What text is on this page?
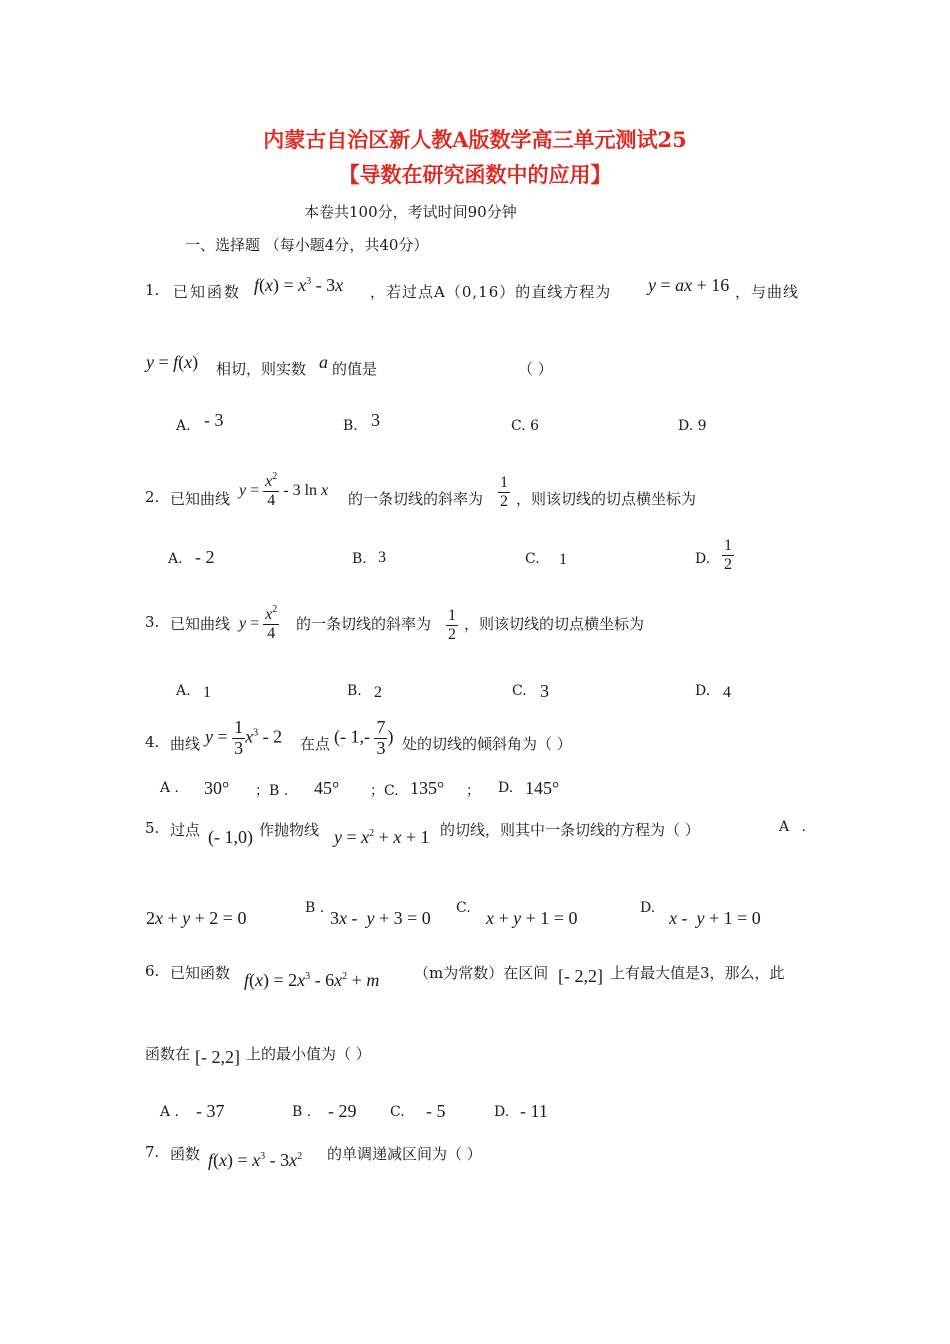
内蒙古自治区新人教A版数学高三单元测试25
【导数在研究函数中的应用】
本卷共100分，考试时间90分钟
一、选择题 （每小题4分，共40分）
1. 已知函数 $f(x) = x^3 - 3x$ ，若过点A（0,16）的直线方程为 y = ax + 16 ，与曲线
y = f(x) 相切，则实数 a 的值是	（ ）
A. - 3	B. 3	C. 6	D. 9
2. 已知曲线 $y = \frac{x^2}{4} - 3$ ln x 的一条切线的斜率为 $\frac{1}{2}$ ，则该切线的切点横坐标为
A. - 2	B. 3	C. 1	D. $\frac{1}{2}$
3. 已知曲线 $y = \frac{x^2}{4}$ 的一条切线的斜率为 $\frac{1}{2}$ ，则该切线的切点横坐标为
A. 1	B. 2	C. 3	D. 4
4. 曲线 $y = \frac{1}{3} x^3 - 2$ 在点 (- $1,- \frac{7}{3}$ ) 处的切线的倾斜角为（ ）
A . 30° ；B . 45° ；C. 135° ； D. 145°
5. 过点 (- 1,0) 作抛物线 $y = x^2 + x + 1$ 的切线，则其中一条切线的方程为（ ）	A .
2x + y + 2 = 0	B . 3x -  y + 3 = 0 C. x + y + 1 = 0	D. x -  y + 1 = 0
6. 已知函数 $f(x) = 2x^3 - 6x^2 + m$ （m为常数）在区间 [- 2,2] 上有最大值是3，那么，此
函数在 [- 2,2] 上的最小值为（ ）
A . - 37	B . - 29 C. - 5	D. - 11
7. 函数 $f(x) = x^3 - 3x^2$ 的单调递减区间为（ ）
